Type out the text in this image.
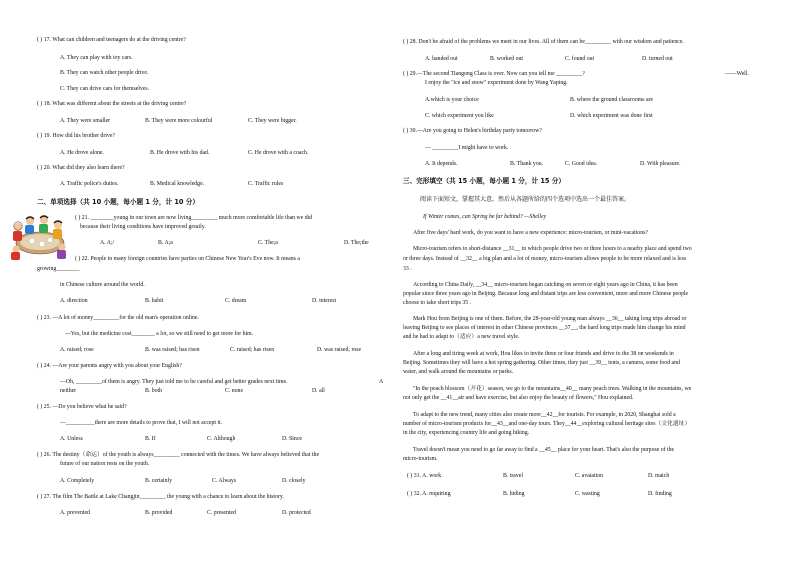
( ) 17. What can children and teenagers do at the driving centre?
A. They can play with toy cars.
B. They can watch other people drive.
C. They can drive cars for themselves.
( ) 18. What was different about the streets at the driving centre?
A. They were smaller	B. They were more colourful	C. They were bigger.
( ) 19. How did his brother drive?
A. He drove alone.	B. He drove with his dad.	C. He drove with a coach.
( ) 20. What did they also learn there?
A. Traffic police's duties.	B. Medical knowledge.	C. Traffic rules
二、单项选择（共 10 小题，每小题 1 分，计 10 分）
( ) 21. ________young in our town are now living_________ much more comfortable life than we did
because their living conditions have improved greatly.
A. A;/	B. A;a	C. The;a	D. The;the
( ) 22. People in many foreign countries have parties on Chinese New Year's Eve now. It means a
growing________
in Chinese culture around the world.
A. direction	B. habit	C. dream	D. interest
( ) 23. —A lot of money_________for the old man's operation online.
—Yes, but the medicine cost________ a lot, so we still need to get more for him.
A. raised; rose	B. was raised; has risen	C. raised; has risen	D. was raised; rose
( ) 24. —Are your parents angry with you about your English?
—Oh, _________of them is angry. They just told me to be careful and get better grades next time.	A
neither	B. both	C. none	D. all
( ) 25. —Do you believe what he said?
—__________there are more details to prove that, I will not accept it.
A. Unless	B. If	C. Although	D. Since
( ) 26. The destiny（命运）of the youth is always_________ connected with the times. We have always believed that the
future of our nation rests on the youth.
A. Completely	B. certainly	C. Always	D. closely
( ) 27. The film The Battle at Lake Changjin_________ the young with a chance to learn about the history.
A. prevented	B. provided	C. presented	D. protected
( ) 28. Don't be afraid of the problems we meet in our lives. All of them can be_________ with our wisdom and patience.
A. handed out	B. worked out	C. found out	D. turned out
( ) 29.—The second Tiangong Class is over. Now can you tell me _________?	——Well.
I enjoy the "ice and snow" experiment done by Wang Yaping.
A.which is your choice	B. where the ground classrooms are
C. which experiment you like	D. which experiment was done first
( ) 30.—Are you going to Helen's birthday party tomorrow?
— _________I might have to work.
A. It depends.	B. Thank you.	C. Good idea.	D. With pleasure.
三、完形填空（共 15 小题，每小题 1 分，计 15 分）
阅读下面短文，掌握其大意，然后从各题所给的四个选项中选出一个最佳答案。
If Winter comes, can Spring be far behind? —Shelley
After five days' hard work, do you want to have a new experience: micro-tourism, or mini-vacations?
Micro-tourism refers to short-distance __31__ in which people drive two or three hours to a nearby place and spend two
or three days. Instead of __32__ a big plan and a lot of money, micro-tourism allows people to be more relaxed and is less
33 .
According to China Daily, __34__ micro-tourism began catching on seven or eight years ago in China, it has been
popular since three years ago in Beijing. Because long and distant trips are less convenient, more and more Chinese people
choose to take short trips 35 .
Mark Hou from Beijing is one of them. Before, the 28-year-old young man always __36__ taking long trips abroad or
leaving Beijing to see places of interest in other Chinese provinces __37__, the hard long trips made him change his mind
and he had to adapt to（适应）a new travel style.
After a long and tiring week at work, Hou likes to invite three or four friends and drive to the 38 on weekends in
Beijing. Sometimes they will have a hot spring gathering. Other times, they just __39__ tents, a camera, some food and
water, and walk around the mountains or parks.
"In the peach blossom（开花）season, we go to the mountains__40__ many peach trees. Walking in the mountains, we
not only get the __41__air and have exercise, but also enjoy the beauty of flowers," Hou explained.
To adapt to the new trend, many cities also create more__42__for tourists. For example, in 2020, Shanghai sold a
number of micro-tourism products for__43__and one-day tours. They__44__exploring cultural heritage sites（文化遗址）
in the city, experiencing country life and going hiking.
Travel doesn't mean you need to go far away to find a __45__ place for your heart. That's also the purpose of the
micro-tourism.
( ) 31. A. work	B. travel	C. avaiation	D. match
( ) 32. A. requiring	B. hiding	C. wasting	D. finding
